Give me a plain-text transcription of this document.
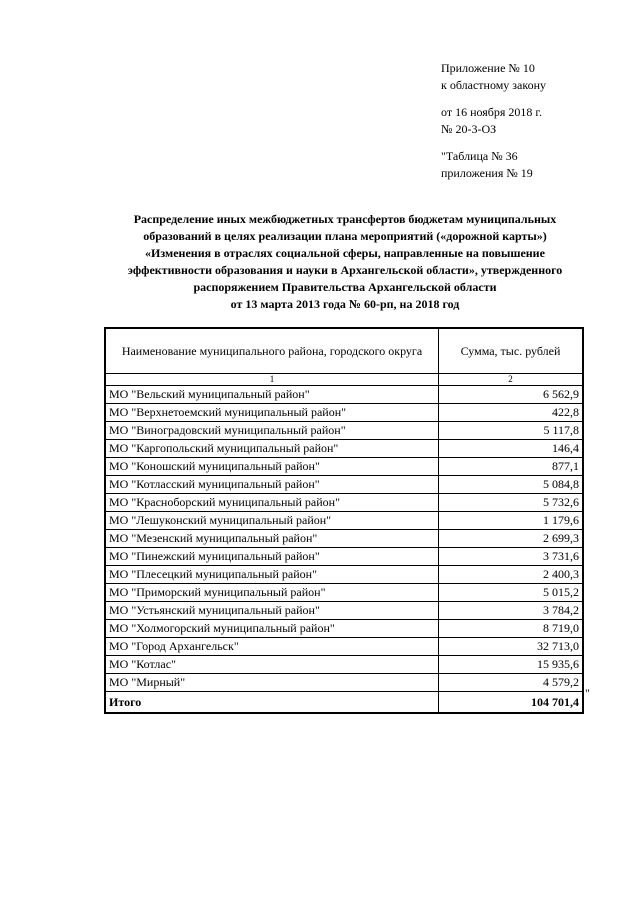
Приложение № 10
к областному закону
от 16 ноября 2018 г.
№ 20-3-ОЗ
"Таблица № 36
приложения № 19
Распределение иных межбюджетных трансфертов бюджетам муниципальных
образований в целях реализации плана мероприятий («дорожной карты»)
«Изменения в отраслях социальной сферы, направленные на повышение
эффективности образования и науки в Архангельской области», утвержденного
распоряжением Правительства Архангельской области
от 13 марта 2013 года № 60-рп, на 2018 год
Наименование муниципального района, городского округа	Сумма, тыс. рублей
1	2
МО "Вельский муниципальный район"	6 562,9
МО "Верхнетоемский муниципальный район"	422,8
МО "Виноградовский муниципальный район"	5 117,8
МО "Каргопольский муниципальный район"	146,4
МО "Коношский муниципальный район"	877,1
МО "Котласский муниципальный район"	5 084,8
МО "Красноборский муниципальный район"	5 732,6
МО "Лешуконский муниципальный район"	1 179,6
МО "Мезенский муниципальный район"	2 699,3
МО "Пинежский муниципальный район"	3 731,6
МО "Плесецкий муниципальный район"	2 400,3
МО "Приморский муниципальный район"	5 015,2
МО "Устьянский муниципальный район"	3 784,2
МО "Холмогорский муниципальный район"	8 719,0
МО "Город Архангельск"	32 713,0
МО "Котлас"	15 935,6
МО "Мирный"	4 579,2
Итого	104 701,4
"
